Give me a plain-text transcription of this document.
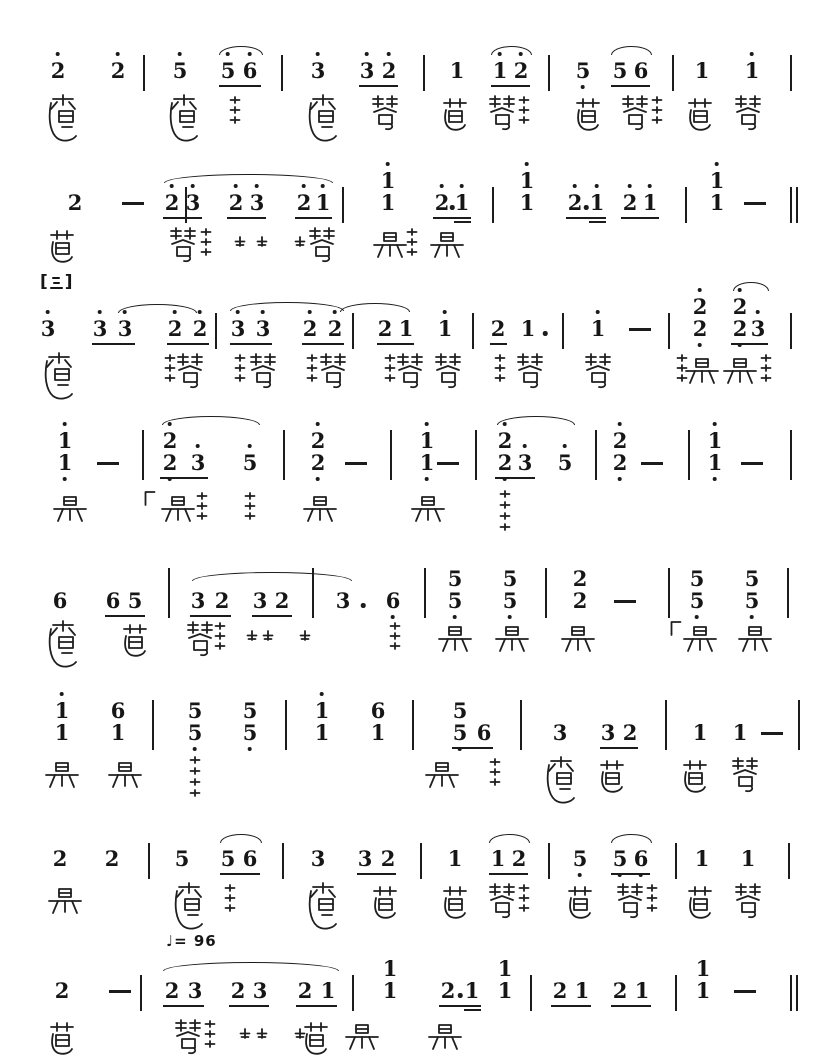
♩= 96
[ ]
2 2 5 5 6	3 3 2	1 1 2 5 5 6 1 1
2	2 3 2 3 2 1	2 1	2 1 2 1
1
1
1
1
1
1
3 3 3 2 2 3 3 2 2 2 1 1 2 1	1	3
2
2
2
2
3 5	3 5
1
1
2
2
2
2
1
1
2
2
2
2
1
1
6 6 5 3 2 3 2 3 6
5
5
5
5
2
2
5
5
5
5
6	3 3 2	1 1
1
1
6
1
5
5
5
5
1
1
6
1
5
5
2 2	5 5 6	3 3 2 1 1 2 5 5 6 1 1
2	2 3 2 3 2 1	2 1	2 1 2 1
1
1
1
1
1
1
